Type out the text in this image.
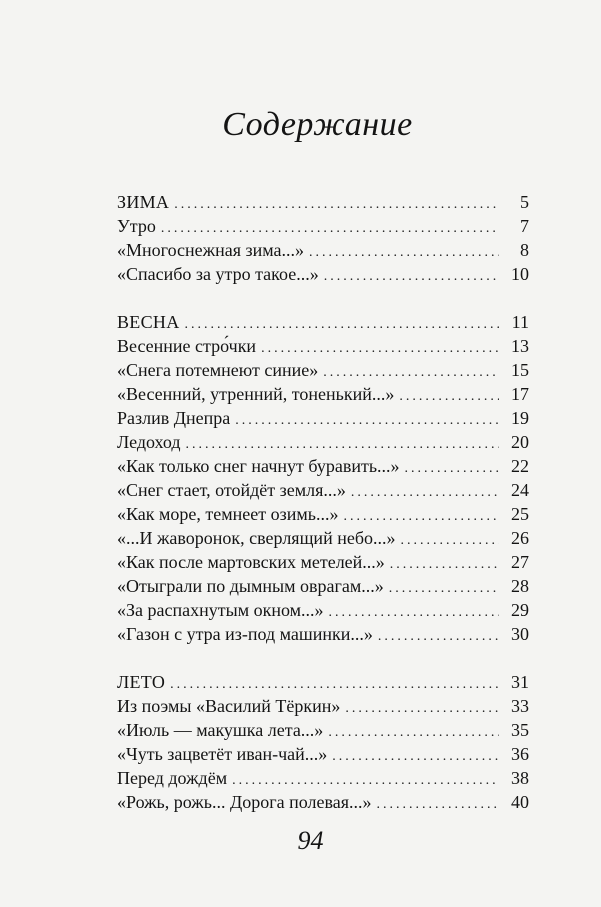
Содержание
ЗИМА . . .	5
Утро . . .	7
«Многоснежная зима...» . . .	8
«Спасибо за утро такое...» . . .	10
ВЕСНА . . .	11
Весенние стро́чки . . .	13
«Снега потемнеют синие» . . .	15
«Весенний, утренний, тоненький...» . . .	17
Разлив Днепра . . .	19
Ледоход . . .	20
«Как только снег начнут буравить...» . . .	22
«Снег стает, отойдёт земля...» . . .	24
«Как море, темнеет озимь...» . . .	25
«...И жаворонок, сверлящий небо...» . . .	26
«Как после мартовских метелей...» . . .	27
«Отыграли по дымным оврагам...» . . .	28
«За распахнутым окном...» . . .	29
«Газон с утра из-под машинки...» . . .	30
ЛЕТО . . .	31
Из поэмы «Василий Тёркин» . . .	33
«Июль — макушка лета...» . . .	35
«Чуть зацветёт иван-чай...» . . .	36
Перед дождём . . .	38
«Рожь, рожь... Дорога полевая...» . . .	40
94
